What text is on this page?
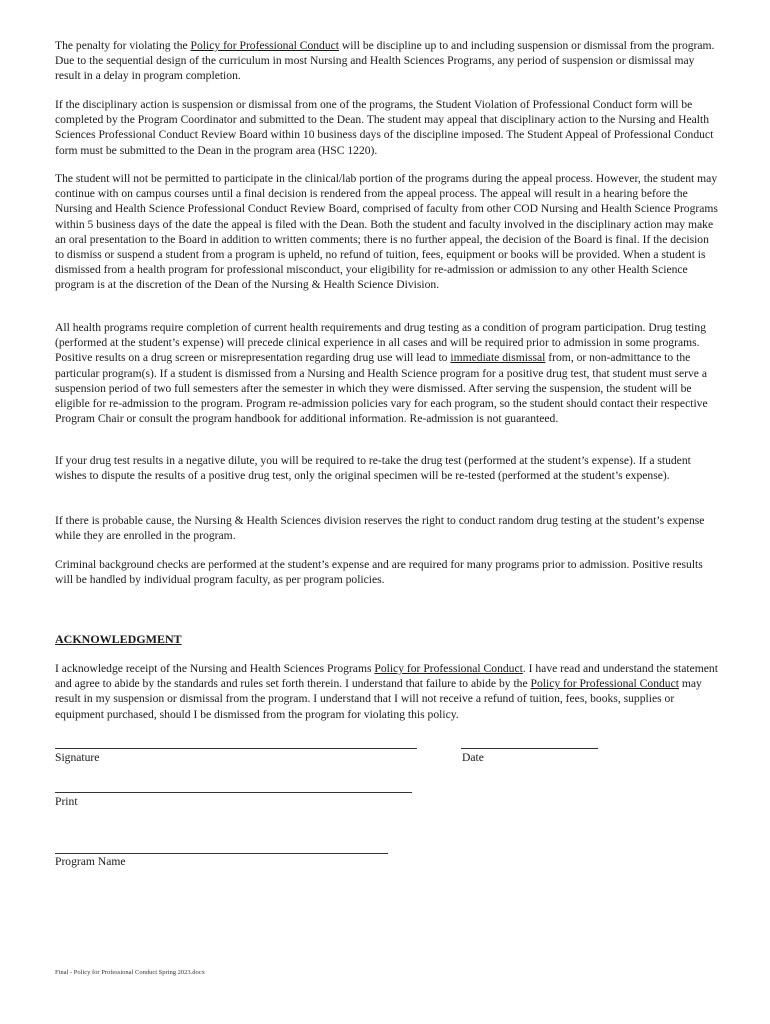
The penalty for violating the Policy for Professional Conduct will be discipline up to and including suspension or dismissal from the program. Due to the sequential design of the curriculum in most Nursing and Health Sciences Programs, any period of suspension or dismissal may result in a delay in program completion.

If the disciplinary action is suspension or dismissal from one of the programs, the Student Violation of Professional Conduct form will be completed by the Program Coordinator and submitted to the Dean. The student may appeal that disciplinary action to the Nursing and Health Sciences Professional Conduct Review Board within 10 business days of the discipline imposed. The Student Appeal of Professional Conduct form must be submitted to the Dean in the program area (HSC 1220).

The student will not be permitted to participate in the clinical/lab portion of the programs during the appeal process. However, the student may continue with on campus courses until a final decision is rendered from the appeal process. The appeal will result in a hearing before the Nursing and Health Science Professional Conduct Review Board, comprised of faculty from other COD Nursing and Health Science Programs within 5 business days of the date the appeal is filed with the Dean. Both the student and faculty involved in the disciplinary action may make an oral presentation to the Board in addition to written comments; there is no further appeal, the decision of the Board is final. If the decision to dismiss or suspend a student from a program is upheld, no refund of tuition, fees, equipment or books will be provided. When a student is dismissed from a health program for professional misconduct, your eligibility for re-admission or admission to any other Health Science program is at the discretion of the Dean of the Nursing & Health Science Division.

All health programs require completion of current health requirements and drug testing as a condition of program participation. Drug testing (performed at the student’s expense) will precede clinical experience in all cases and will be required prior to admission in some programs. Positive results on a drug screen or misrepresentation regarding drug use will lead to immediate dismissal from, or non-admittance to the particular program(s). If a student is dismissed from a Nursing and Health Science program for a positive drug test, that student must serve a suspension period of two full semesters after the semester in which they were dismissed. After serving the suspension, the student will be eligible for re-admission to the program. Program re-admission policies vary for each program, so the student should contact their respective Program Chair or consult the program handbook for additional information. Re-admission is not guaranteed.

If your drug test results in a negative dilute, you will be required to re-take the drug test (performed at the student’s expense). If a student wishes to dispute the results of a positive drug test, only the original specimen will be re-tested (performed at the student’s expense).

If there is probable cause, the Nursing & Health Sciences division reserves the right to conduct random drug testing at the student’s expense while they are enrolled in the program.

Criminal background checks are performed at the student’s expense and are required for many programs prior to admission. Positive results will be handled by individual program faculty, as per program policies.

ACKNOWLEDGMENT

I acknowledge receipt of the Nursing and Health Sciences Programs Policy for Professional Conduct. I have read and understand the statement and agree to abide by the standards and rules set forth therein. I understand that failure to abide by the Policy for Professional Conduct may result in my suspension or dismissal from the program. I understand that I will not receive a refund of tuition, fees, books, supplies or equipment purchased, should I be dismissed from the program for violating this policy.

Signature	Date
Print
Program Name
Final - Policy for Professional Conduct Spring 2023.docx
